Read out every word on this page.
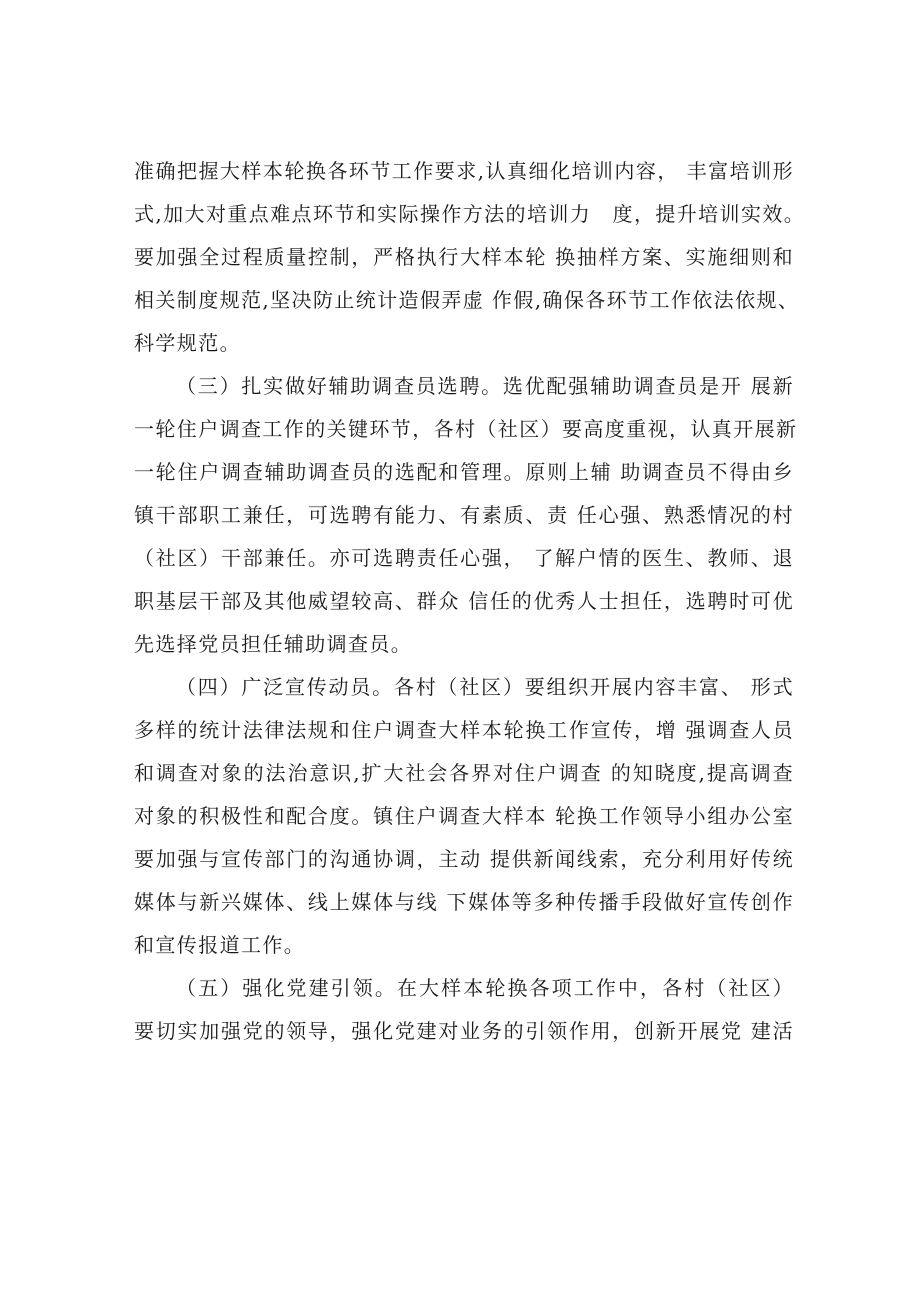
准确把握大样本轮换各环节工作要求,认真细化培训内容， 丰富培训形
式,加大对重点难点环节和实际操作方法的培训力　度，提升培训实效。
要加强全过程质量控制，严格执行大样本轮 换抽样方案、实施细则和
相关制度规范,坚决防止统计造假弄虚 作假,确保各环节工作依法依规、
科学规范。
（三）扎实做好辅助调查员选聘。选优配强辅助调查员是开 展新
一轮住户调查工作的关键环节，各村（社区）要高度重视，认真开展新
一轮住户调查辅助调查员的选配和管理。原则上辅 助调查员不得由乡
镇干部职工兼任，可选聘有能力、有素质、责 任心强、熟悉情况的村
（社区）干部兼任。亦可选聘责任心强， 了解户情的医生、教师、退
职基层干部及其他威望较高、群众 信任的优秀人士担任，选聘时可优
先选择党员担任辅助调查员。
（四）广泛宣传动员。各村（社区）要组织开展内容丰富、 形式
多样的统计法律法规和住户调查大样本轮换工作宣传，增 强调查人员
和调查对象的法治意识,扩大社会各界对住户调查 的知晓度,提高调查
对象的积极性和配合度。镇住户调查大样本 轮换工作领导小组办公室
要加强与宣传部门的沟通协调，主动 提供新闻线索，充分利用好传统
媒体与新兴媒体、线上媒体与线 下媒体等多种传播手段做好宣传创作
和宣传报道工作。
（五）强化党建引领。在大样本轮换各项工作中，各村（社区）
要切实加强党的领导，强化党建对业务的引领作用，创新开展党 建活
